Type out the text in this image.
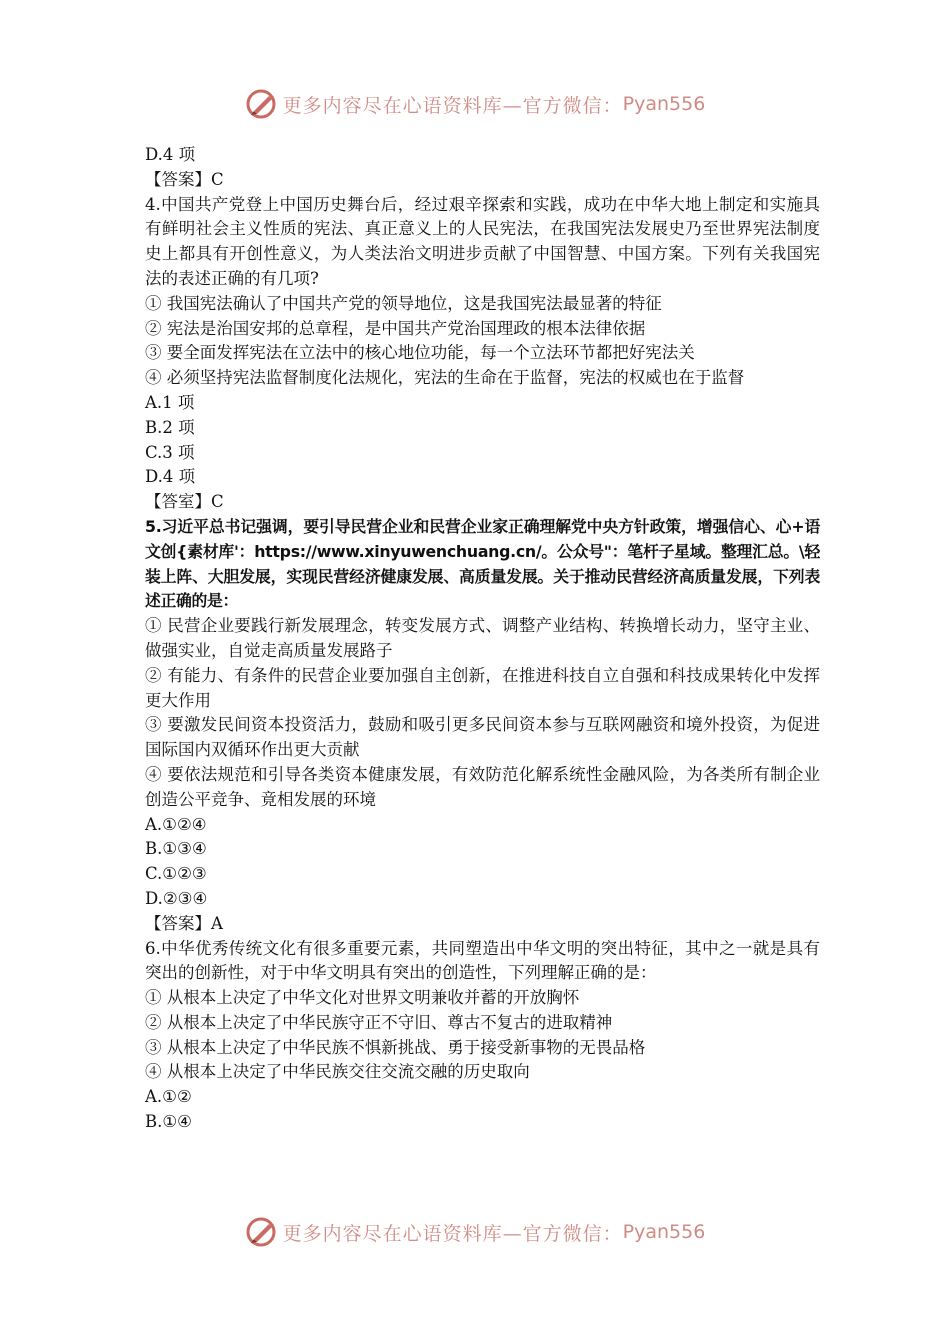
更多内容尽在心语资料库—官方微信： Pyan556

D.4 项

【答案】C

4.中国共产党登上中国历史舞台后，经过艰辛探索和实践，成功在中华大地上制定和实施具有鲜明社会主义性质的宪法、真正意义上的人民宪法，在我国宪法发展史乃至世界宪法制度史上都具有开创性意义，为人类法治文明进步贡献了中国智慧、中国方案。下列有关我国宪法的表述正确的有几项?

① 我国宪法确认了中国共产党的领导地位，这是我国宪法最显著的特征

② 宪法是治国安邦的总章程，是中国共产党治国理政的根本法律依据

③ 要全面发挥宪法在立法中的核心地位功能，每一个立法环节都把好宪法关

④ 必须坚持宪法监督制度化法规化，宪法的生命在于监督，宪法的权威也在于监督

A.1 项

B.2 项

C.3 项

D.4 项

【答室】C

5.习近平总书记强调，要引导民营企业和民营企业家正确理解党中央方针政策，增强信心、心+语文创{素材库'：https://www.xinyuwenchuang.cn/。公众号"：笔杆子星域。整理汇总。\轻装上阵、大胆发展，实现民营经济健康发展、高质量发展。关于推动民营经济高质量发展，下列表述正确的是：

① 民营企业要践行新发展理念，转变发展方式、调整产业结构、转换增长动力，坚守主业、做强实业，自觉走高质量发展路子

② 有能力、有条件的民营企业要加强自主创新，在推进科技自立自强和科技成果转化中发挥更大作用

③ 要激发民间资本投资活力，鼓励和吸引更多民间资本参与互联网融资和境外投资，为促进国际国内双循环作出更大贡献

④ 要依法规范和引导各类资本健康发展，有效防范化解系统性金融风险，为各类所有制企业创造公平竞争、竟相发展的环境

A.①②④

B.①③④

C.①②③

D.②③④

【答案】A

6.中华优秀传统文化有很多重要元素，共同塑造出中华文明的突出特征，其中之一就是具有突出的创新性，对于中华文明具有突出的创造性，下列理解正确的是：

① 从根本上决定了中华文化对世界文明兼收并蓄的开放胸怀

② 从根本上决定了中华民族守正不守旧、尊古不复古的进取精神

③ 从根本上决定了中华民族不惧新挑战、勇于接受新事物的无畏品格

④ 从根本上决定了中华民族交往交流交融的历史取向

A.①②

B.①④

更多内容尽在心语资料库—官方微信： Pyan556
